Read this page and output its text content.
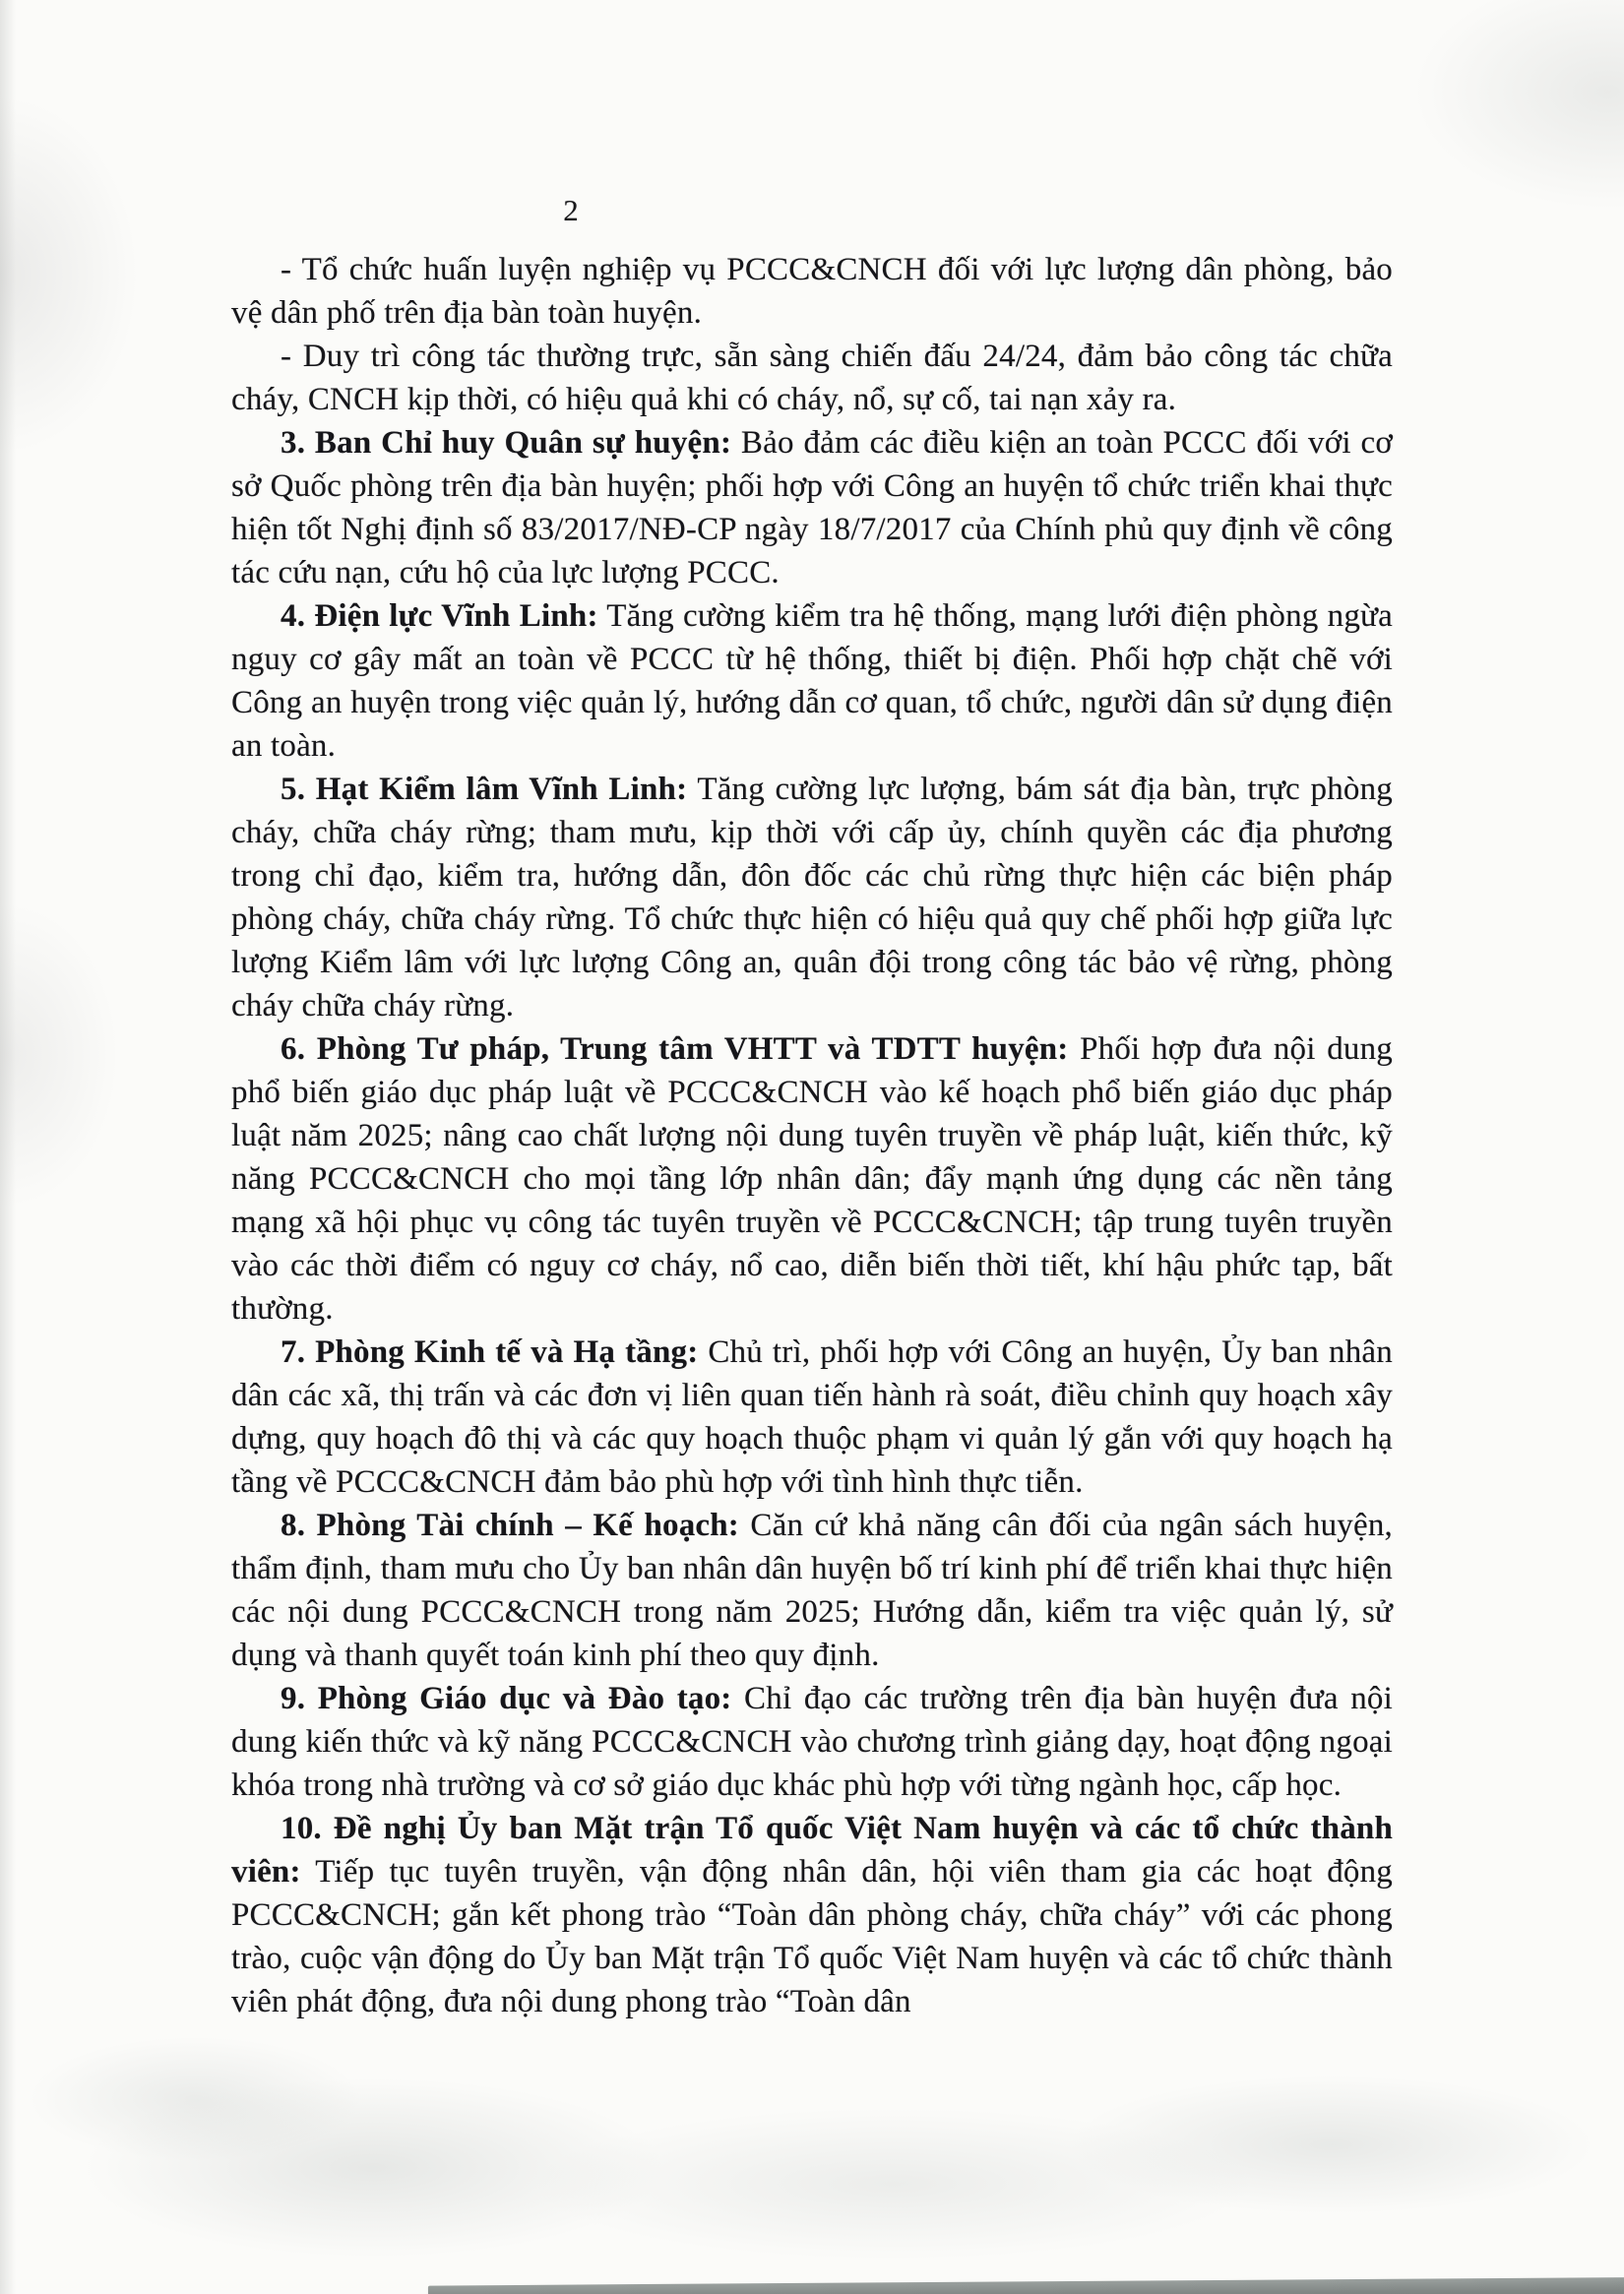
2

- Tổ chức huấn luyện nghiệp vụ PCCC&CNCH đối với lực lượng dân phòng, bảo vệ dân phố trên địa bàn toàn huyện.

- Duy trì công tác thường trực, sẵn sàng chiến đấu 24/24, đảm bảo công tác chữa cháy, CNCH kịp thời, có hiệu quả khi có cháy, nổ, sự cố, tai nạn xảy ra.

3. Ban Chỉ huy Quân sự huyện: Bảo đảm các điều kiện an toàn PCCC đối với cơ sở Quốc phòng trên địa bàn huyện; phối hợp với Công an huyện tổ chức triển khai thực hiện tốt Nghị định số 83/2017/NĐ-CP ngày 18/7/2017 của Chính phủ quy định về công tác cứu nạn, cứu hộ của lực lượng PCCC.

4. Điện lực Vĩnh Linh: Tăng cường kiểm tra hệ thống, mạng lưới điện phòng ngừa nguy cơ gây mất an toàn về PCCC từ hệ thống, thiết bị điện. Phối hợp chặt chẽ với Công an huyện trong việc quản lý, hướng dẫn cơ quan, tổ chức, người dân sử dụng điện an toàn.

5. Hạt Kiểm lâm Vĩnh Linh: Tăng cường lực lượng, bám sát địa bàn, trực phòng cháy, chữa cháy rừng; tham mưu, kịp thời với cấp ủy, chính quyền các địa phương trong chỉ đạo, kiểm tra, hướng dẫn, đôn đốc các chủ rừng thực hiện các biện pháp phòng cháy, chữa cháy rừng. Tổ chức thực hiện có hiệu quả quy chế phối hợp giữa lực lượng Kiểm lâm với lực lượng Công an, quân đội trong công tác bảo vệ rừng, phòng cháy chữa cháy rừng.

6. Phòng Tư pháp, Trung tâm VHTT và TDTT huyện: Phối hợp đưa nội dung phổ biến giáo dục pháp luật về PCCC&CNCH vào kế hoạch phổ biến giáo dục pháp luật năm 2025; nâng cao chất lượng nội dung tuyên truyền về pháp luật, kiến thức, kỹ năng PCCC&CNCH cho mọi tầng lớp nhân dân; đẩy mạnh ứng dụng các nền tảng mạng xã hội phục vụ công tác tuyên truyền về PCCC&CNCH; tập trung tuyên truyền vào các thời điểm có nguy cơ cháy, nổ cao, diễn biến thời tiết, khí hậu phức tạp, bất thường.

7. Phòng Kinh tế và Hạ tầng: Chủ trì, phối hợp với Công an huyện, Ủy ban nhân dân các xã, thị trấn và các đơn vị liên quan tiến hành rà soát, điều chỉnh quy hoạch xây dựng, quy hoạch đô thị và các quy hoạch thuộc phạm vi quản lý gắn với quy hoạch hạ tầng về PCCC&CNCH đảm bảo phù hợp với tình hình thực tiễn.

8. Phòng Tài chính – Kế hoạch: Căn cứ khả năng cân đối của ngân sách huyện, thẩm định, tham mưu cho Ủy ban nhân dân huyện bố trí kinh phí để triển khai thực hiện các nội dung PCCC&CNCH trong năm 2025; Hướng dẫn, kiểm tra việc quản lý, sử dụng và thanh quyết toán kinh phí theo quy định.

9. Phòng Giáo dục và Đào tạo: Chỉ đạo các trường trên địa bàn huyện đưa nội dung kiến thức và kỹ năng PCCC&CNCH vào chương trình giảng dạy, hoạt động ngoại khóa trong nhà trường và cơ sở giáo dục khác phù hợp với từng ngành học, cấp học.

10. Đề nghị Ủy ban Mặt trận Tổ quốc Việt Nam huyện và các tổ chức thành viên: Tiếp tục tuyên truyền, vận động nhân dân, hội viên tham gia các hoạt động PCCC&CNCH; gắn kết phong trào “Toàn dân phòng cháy, chữa cháy” với các phong trào, cuộc vận động do Ủy ban Mặt trận Tổ quốc Việt Nam huyện và các tổ chức thành viên phát động, đưa nội dung phong trào “Toàn dân
